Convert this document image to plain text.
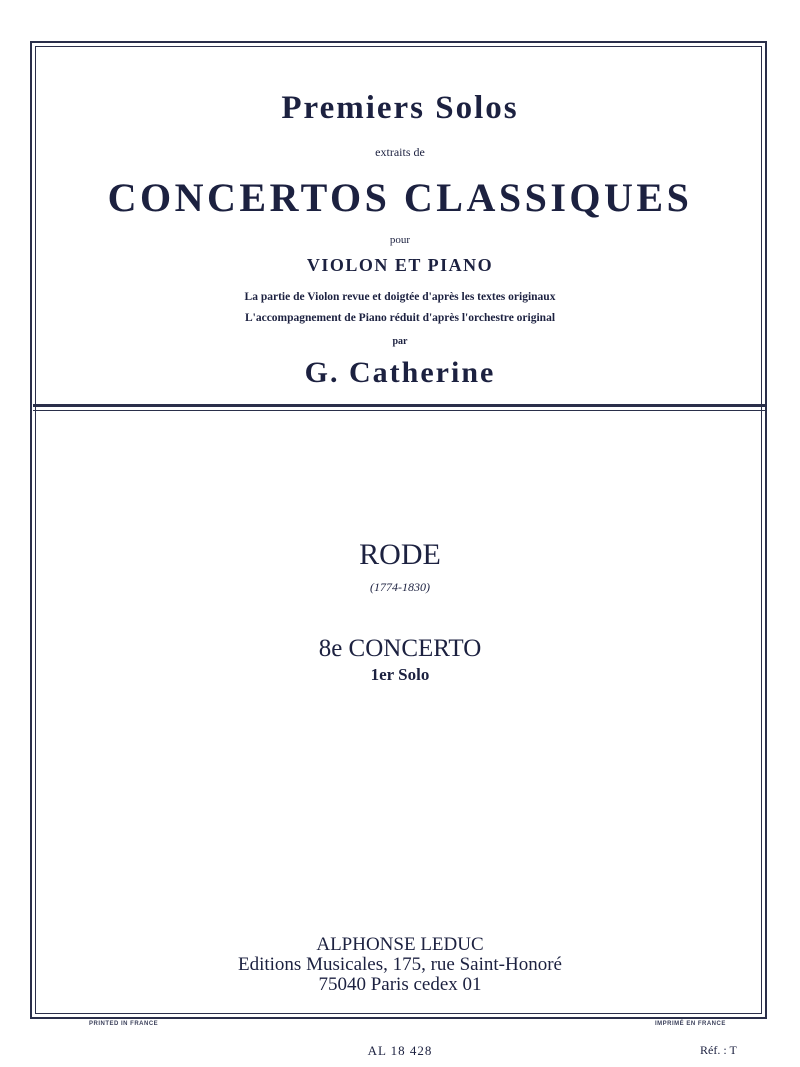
Premiers Solos
extraits de
CONCERTOS CLASSIQUES
pour
VIOLON ET PIANO
La partie de Violon revue et doigtée d'après les textes originaux
L'accompagnement de Piano réduit d'après l'orchestre original
par
G. Catherine
RODE
(1774-1830)
8e CONCERTO
1er Solo
ALPHONSE LEDUC
Editions Musicales, 175, rue Saint-Honoré
75040 Paris cedex 01
PRINTED IN FRANCE	IMPRIMÉ EN FRANCE
AL 18 428	Réf. : T
